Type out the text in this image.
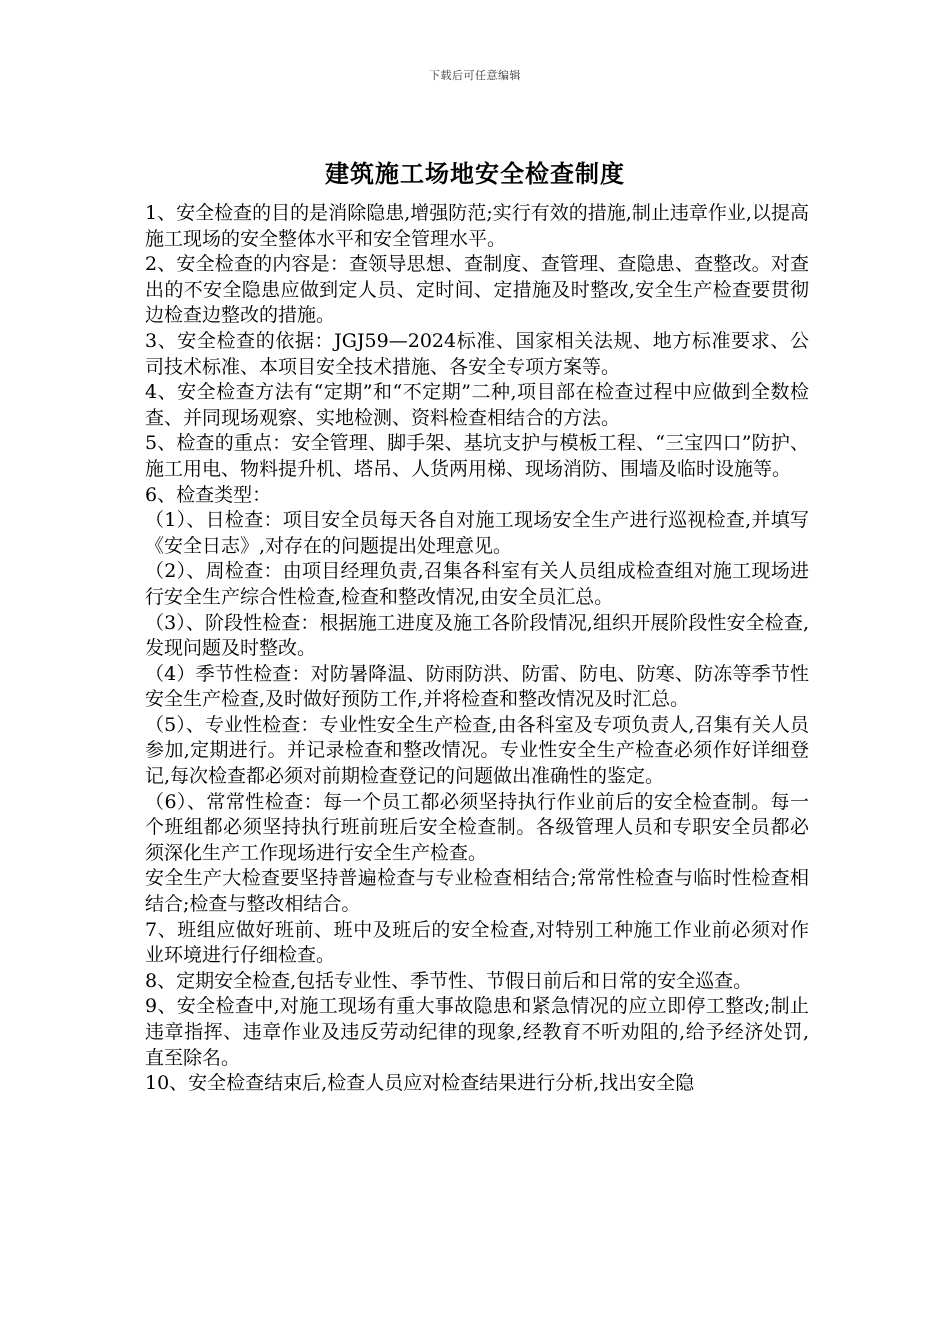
下载后可任意编辑
建筑施工场地安全检查制度

1、安全检查的目的是消除隐患,增强防范;实行有效的措施,制止违章作业,以提高施工现场的安全整体水平和安全管理水平。

2、安全检查的内容是：查领导思想、查制度、查管理、查隐患、查整改。对查出的不安全隐患应做到定人员、定时间、定措施及时整改,安全生产检查要贯彻边检查边整改的措施。

3、安全检查的依据：JGJ59—2024标准、国家相关法规、地方标准要求、公司技术标准、本项目安全技术措施、各安全专项方案等。

4、安全检查方法有“定期”和“不定期”二种,项目部在检查过程中应做到全数检查、并同现场观察、实地检测、资料检查相结合的方法。

5、检查的重点：安全管理、脚手架、基坑支护与模板工程、“三宝四口”防护、施工用电、物料提升机、塔吊、人货两用梯、现场消防、围墙及临时设施等。

6、检查类型：

（1）、日检查：项目安全员每天各自对施工现场安全生产进行巡视检查,并填写《安全日志》,对存在的问题提出处理意见。

（2）、周检查：由项目经理负责,召集各科室有关人员组成检查组对施工现场进行安全生产综合性检查,检查和整改情况,由安全员汇总。

（3）、阶段性检查：根据施工进度及施工各阶段情况,组织开展阶段性安全检查,发现问题及时整改。

（4）季节性检查：对防暑降温、防雨防洪、防雷、防电、防寒、防冻等季节性安全生产检查,及时做好预防工作,并将检查和整改情况及时汇总。

（5）、专业性检查：专业性安全生产检查,由各科室及专项负责人,召集有关人员参加,定期进行。并记录检查和整改情况。专业性安全生产检查必须作好详细登记,每次检查都必须对前期检查登记的问题做出准确性的鉴定。

（6）、常常性检查：每一个员工都必须坚持执行作业前后的安全检查制。每一个班组都必须坚持执行班前班后安全检查制。各级管理人员和专职安全员都必须深化生产工作现场进行安全生产检查。

安全生产大检查要坚持普遍检查与专业检查相结合;常常性检查与临时性检查相结合;检查与整改相结合。

7、班组应做好班前、班中及班后的安全检查,对特别工种施工作业前必须对作业环境进行仔细检查。

8、定期安全检查,包括专业性、季节性、节假日前后和日常的安全巡查。

9、安全检查中,对施工现场有重大事故隐患和紧急情况的应立即停工整改;制止违章指挥、违章作业及违反劳动纪律的现象,经教育不听劝阻的,给予经济处罚,直至除名。

10、安全检查结束后,检查人员应对检查结果进行分析,找出安全隐
